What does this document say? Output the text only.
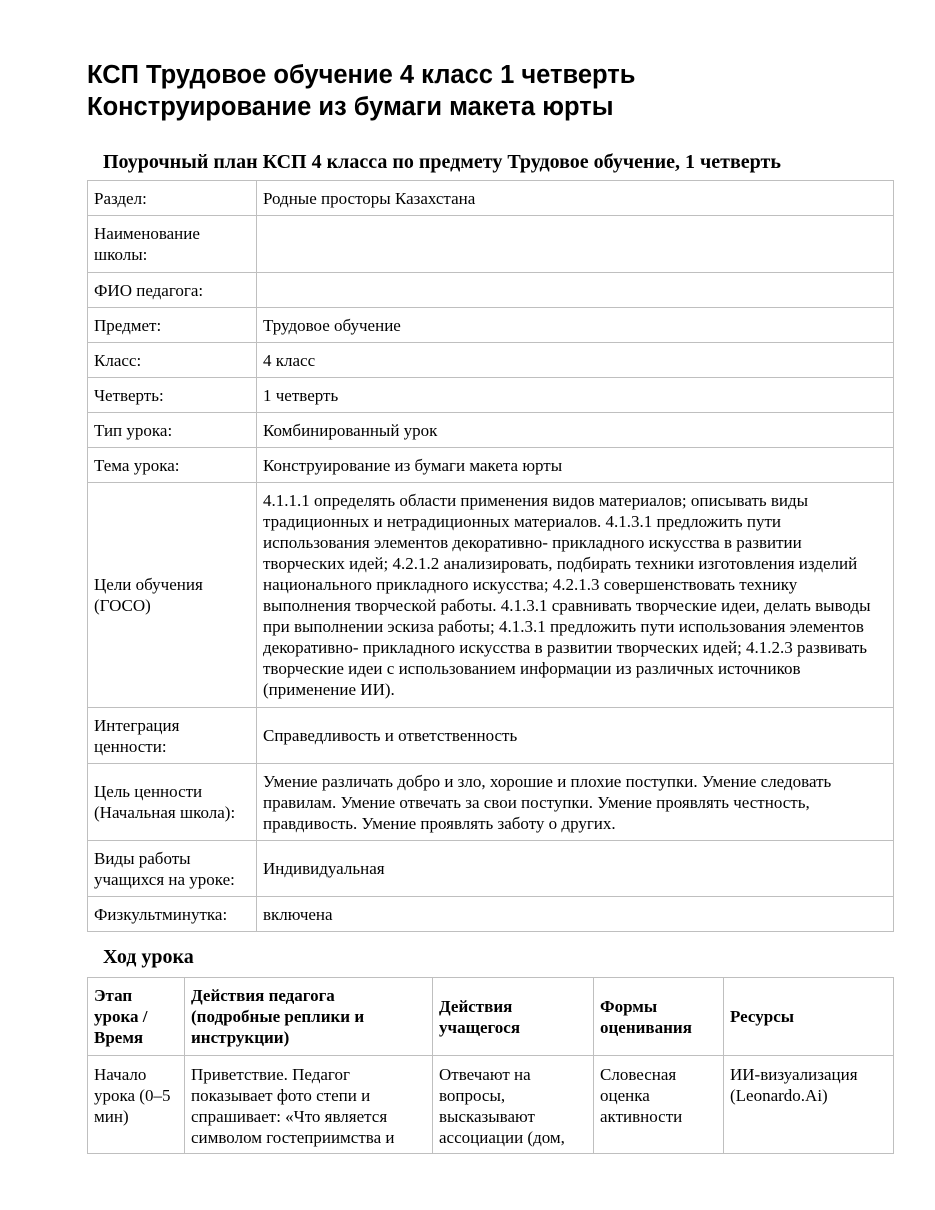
КСП Трудовое обучение 4 класс 1 четверть
Конструирование из бумаги макета юрты
Поурочный план КСП 4 класса по предмету Трудовое обучение, 1 четверть
Раздел:	Родные просторы Казахстана
Наименование школы:	
ФИО педагога:	
Предмет:	Трудовое обучение
Класс:	4 класс
Четверть:	1 четверть
Тип урока:	Комбинированный урок
Тема урока:	Конструирование из бумаги макета юрты
Цели обучения (ГОСО)	4.1.1.1 определять области применения видов материалов; описывать виды традиционных и нетрадиционных материалов. 4.1.3.1 предложить пути использования элементов декоративно- прикладного искусства в развитии творческих идей; 4.2.1.2 анализировать, подбирать техники изготовления изделий национального прикладного искусства; 4.2.1.3 совершенствовать технику выполнения творческой работы. 4.1.3.1 сравнивать творческие идеи, делать выводы при выполнении эскиза работы; 4.1.3.1 предложить пути использования элементов декоративно- прикладного искусства в развитии творческих идей; 4.1.2.3 развивать творческие идеи с использованием информации из различных источников (применение ИИ).
Интеграция ценности:	Справедливость и ответственность
Цель ценности (Начальная школа):	Умение различать добро и зло, хорошие и плохие поступки. Умение следовать правилам. Умение отвечать за свои поступки. Умение проявлять честность, правдивость. Умение проявлять заботу о других.
Виды работы учащихся на уроке:	Индивидуальная
Физкультминутка:	включена
Ход урока
Этап урока / Время	Действия педагога (подробные реплики и инструкции)	Действия учащегося	Формы оценивания	Ресурсы
Начало урока (0–5 мин)	Приветствие. Педагог показывает фото степи и спрашивает: «Что является символом гостеприимства и	Отвечают на вопросы, высказывают ассоциации (дом,	Словесная оценка активности	ИИ-визуализация (Leonardo.Ai)
